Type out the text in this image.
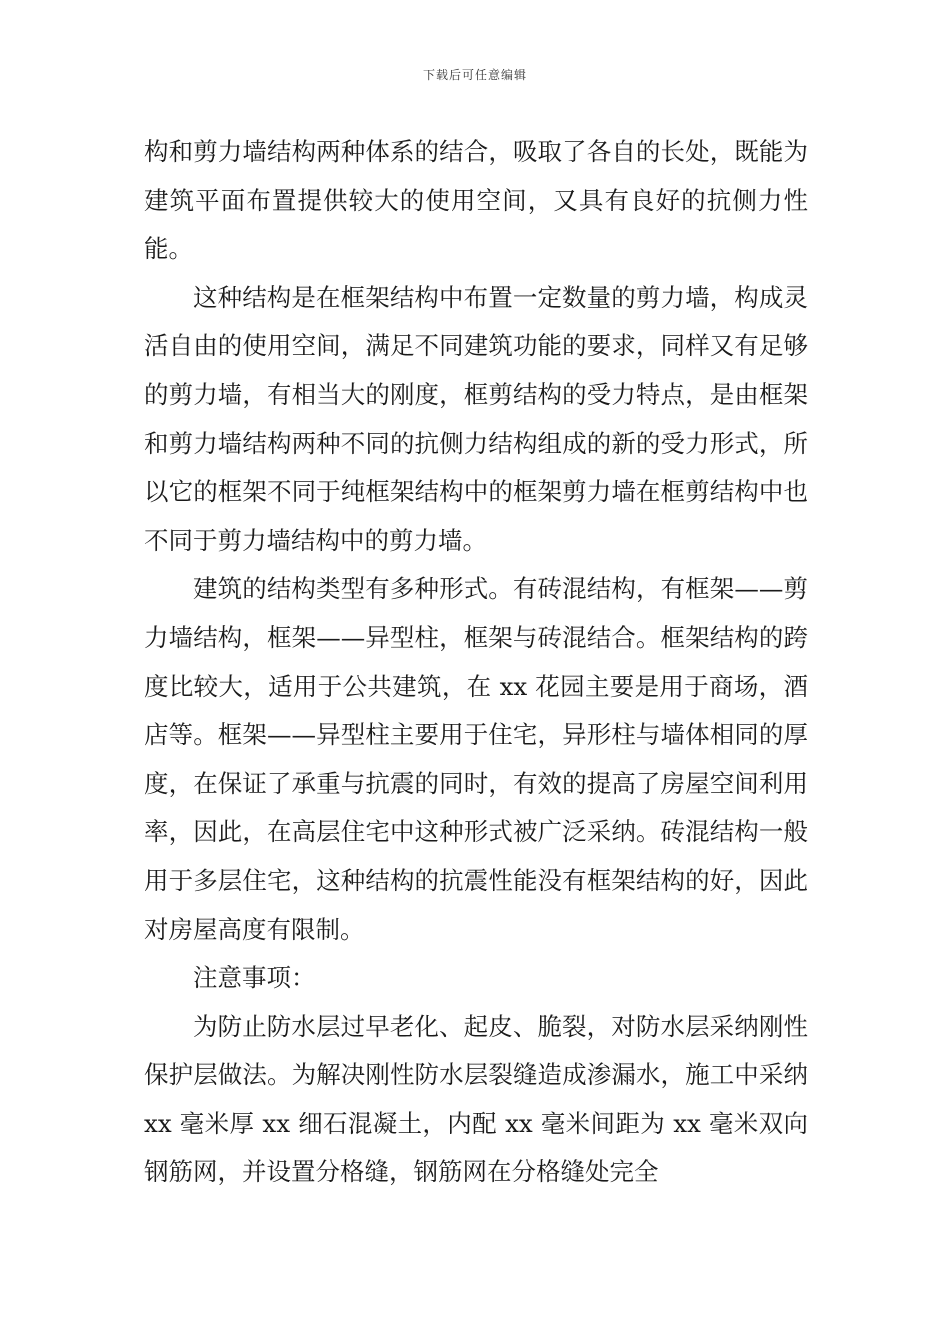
下载后可任意编辑

构和剪力墙结构两种体系的结合，吸取了各自的长处，既能为建筑平面布置提供较大的使用空间，又具有良好的抗侧力性能。

这种结构是在框架结构中布置一定数量的剪力墙，构成灵活自由的使用空间，满足不同建筑功能的要求，同样又有足够的剪力墙，有相当大的刚度，框剪结构的受力特点，是由框架和剪力墙结构两种不同的抗侧力结构组成的新的受力形式，所以它的框架不同于纯框架结构中的框架剪力墙在框剪结构中也不同于剪力墙结构中的剪力墙。

建筑的结构类型有多种形式。有砖混结构，有框架——剪力墙结构，框架——异型柱，框架与砖混结合。框架结构的跨度比较大，适用于公共建筑，在 xx 花园主要是用于商场，酒店等。框架——异型柱主要用于住宅，异形柱与墙体相同的厚度，在保证了承重与抗震的同时，有效的提高了房屋空间利用率，因此，在高层住宅中这种形式被广泛采纳。砖混结构一般用于多层住宅，这种结构的抗震性能没有框架结构的好，因此对房屋高度有限制。

注意事项：

为防止防水层过早老化、起皮、脆裂，对防水层采纳刚性保护层做法。为解决刚性防水层裂缝造成渗漏水，施工中采纳 xx 毫米厚 xx 细石混凝土，内配 xx 毫米间距为 xx 毫米双向钢筋网，并设置分格缝，钢筋网在分格缝处完全
